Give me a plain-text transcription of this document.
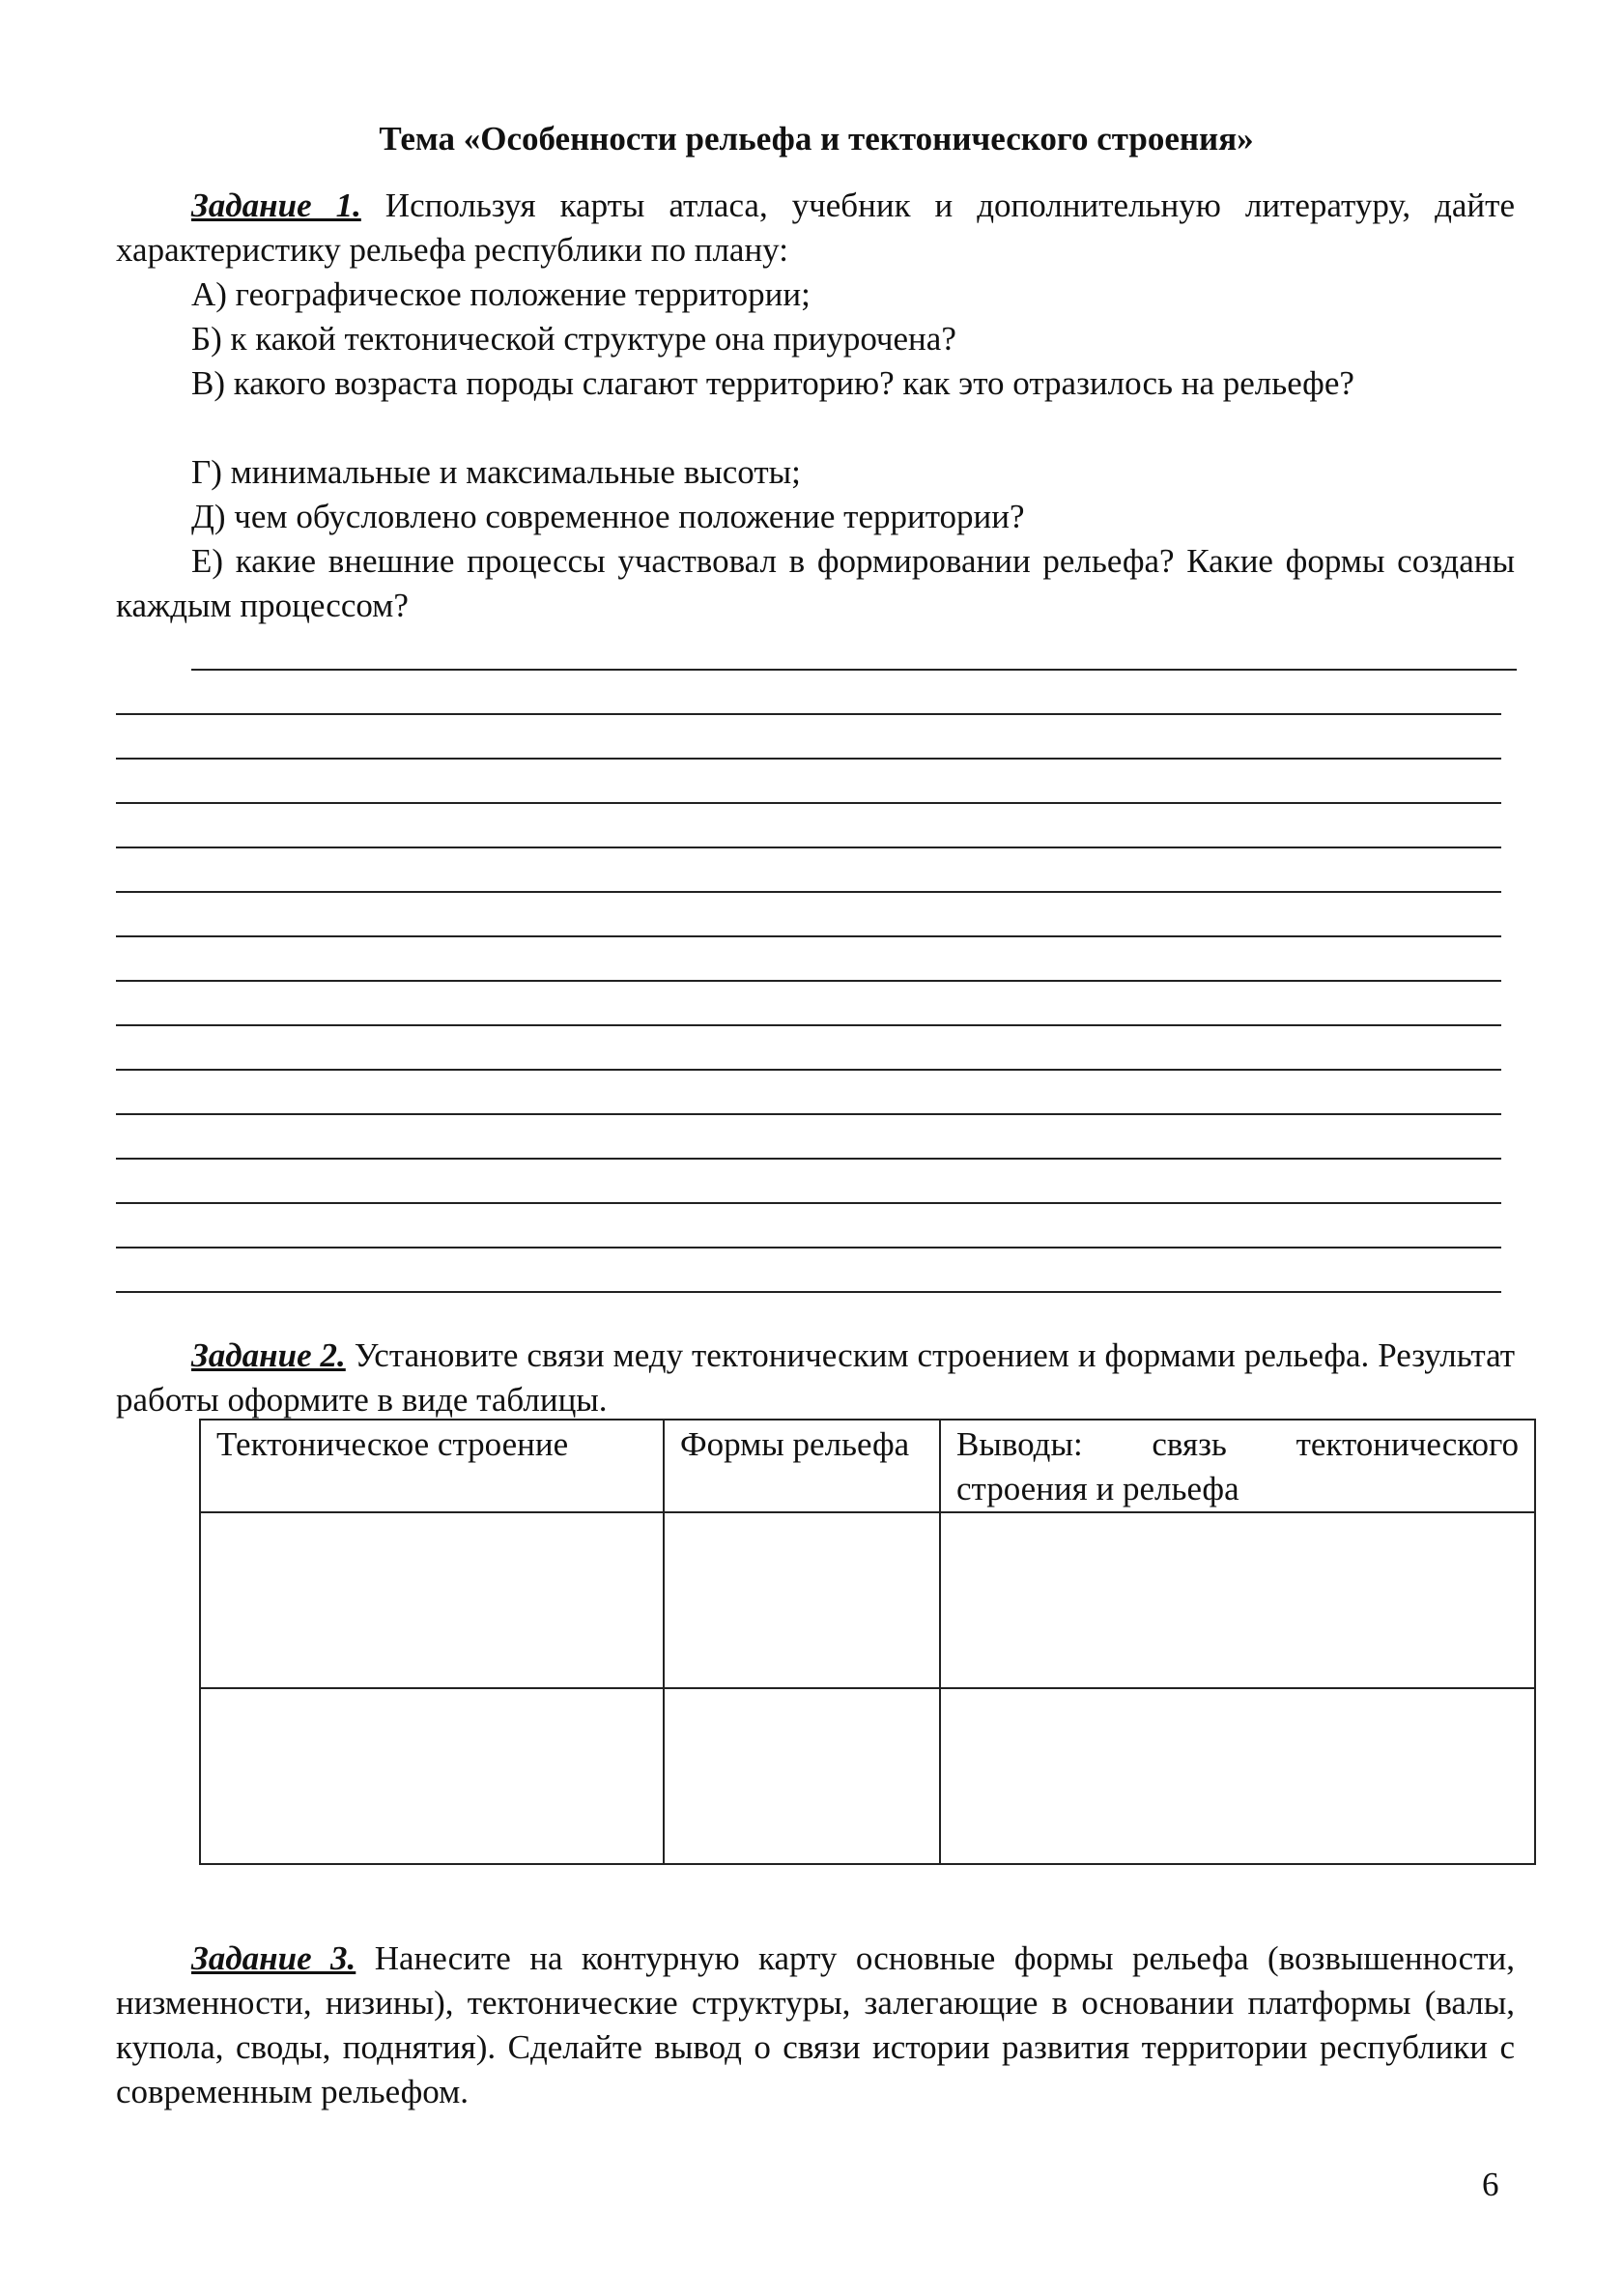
Тема «Особенности рельефа и тектонического строения»
Задание 1. Используя карты атласа, учебник и дополнительную литературу, дайте характеристику рельефа республики по плану:
А) географическое положение территории;
Б) к какой тектонической структуре она приурочена?
В) какого возраста породы слагают территорию? как это отразилось на рельефе?
Г) минимальные и максимальные высоты;
Д) чем обусловлено современное положение территории?
Е) какие внешние процессы участвовал в формировании рельефа? Какие формы созданы каждым процессом?
Задание 2. Установите связи меду тектоническим строением и формами рельефа. Результат работы оформите в виде таблицы.
Тектоническое строение	Формы рельефа	Выводы: связь тектонического строения и рельефа

Задание 3. Нанесите на контурную карту основные формы рельефа (возвышенности, низменности, низины), тектонические структуры, залегающие в основании платформы (валы, купола, своды, поднятия). Сделайте вывод о связи истории развития территории республики с современным рельефом.
6
